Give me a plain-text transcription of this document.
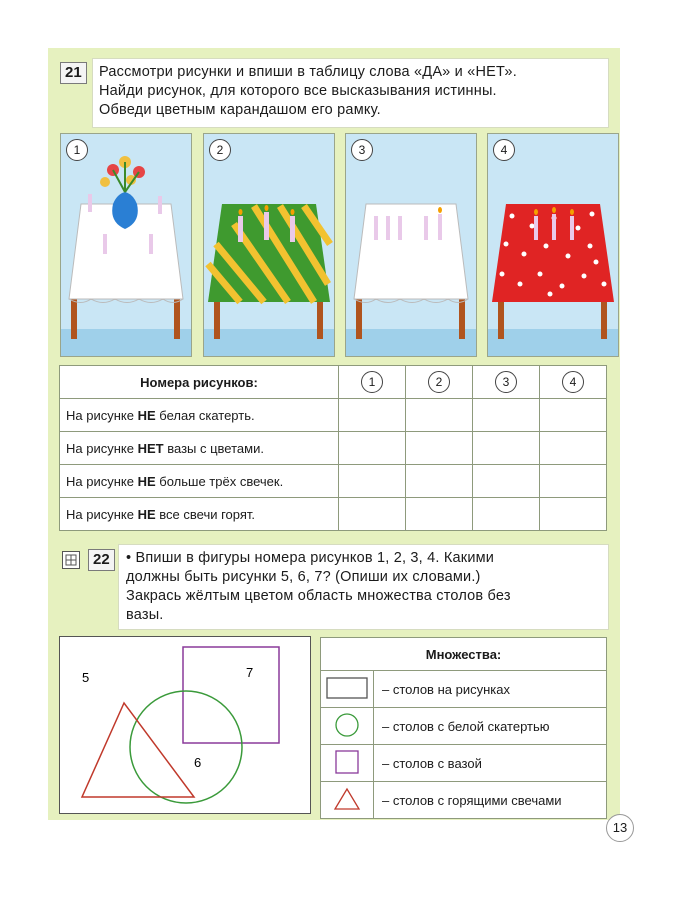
21	Рассмотри рисунки и впиши в таблицу слова «ДА» и «НЕТ».
Найди рисунок, для которого все высказывания истинны.
Обведи цветным карандашом его рамку.
1	2	3	4
Номера рисунков:	1	2	3	4
На рисунке НЕ белая скатерть.				
На рисунке НЕТ вазы с цветами.				
На рисунке НЕ больше трёх свечек.				
На рисунке НЕ все свечи горят.				
22	• Впиши в фигуры номера рисунков 1, 2, 3, 4. Какими
должны быть рисунки 5, 6, 7? (Опиши их словами.)
Закрась жёлтым цветом область множества столов без
вазы.
5
6
7
Множества:	
	– столов на рисунках
	– столов с белой скатертью
	– столов с вазой
	– столов с горящими свечами
13
